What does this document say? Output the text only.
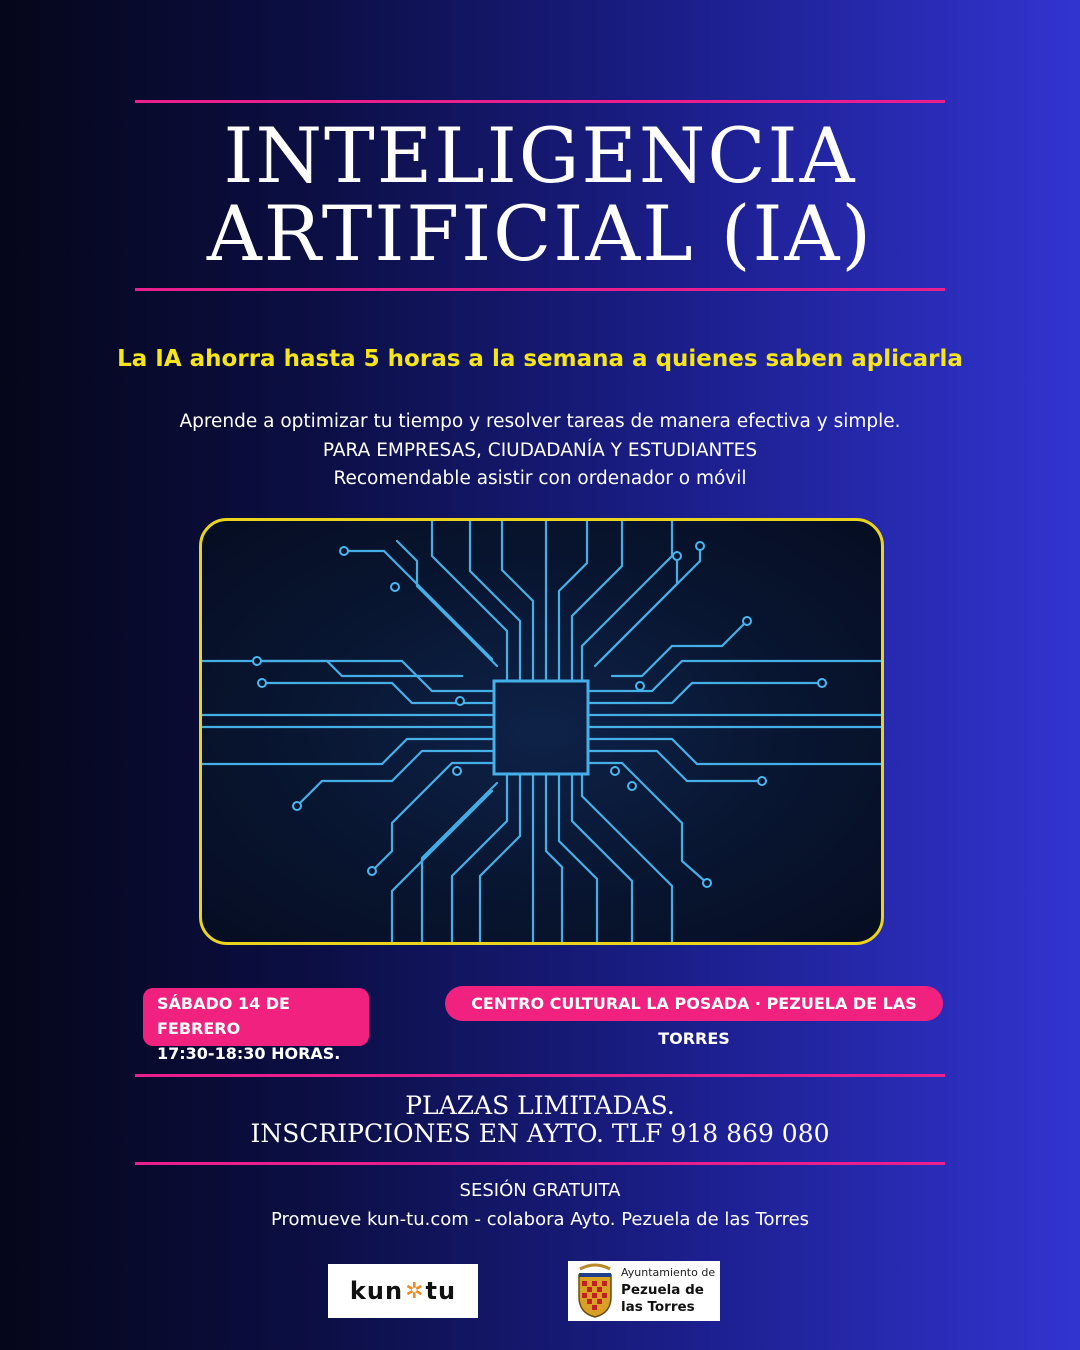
INTELIGENCIA
ARTIFICIAL (IA)
La IA ahorra hasta 5 horas a la semana a quienes saben aplicarla
Aprende a optimizar tu tiempo y resolver tareas de manera efectiva y simple.
PARA EMPRESAS, CIUDADANÍA Y ESTUDIANTES
Recomendable asistir con ordenador o móvil
SÁBADO 14 DE FEBRERO
17:30-18:30 HORAS.
CENTRO CULTURAL LA POSADA · PEZUELA DE LAS TORRES
PLAZAS LIMITADAS.
INSCRIPCIONES EN AYTO. TLF 918 869 080
SESIÓN GRATUITA
Promueve kun-tu.com - colabora Ayto. Pezuela de las Torres
kun ✲ tu
Ayuntamiento de
Pezuela de
las Torres
